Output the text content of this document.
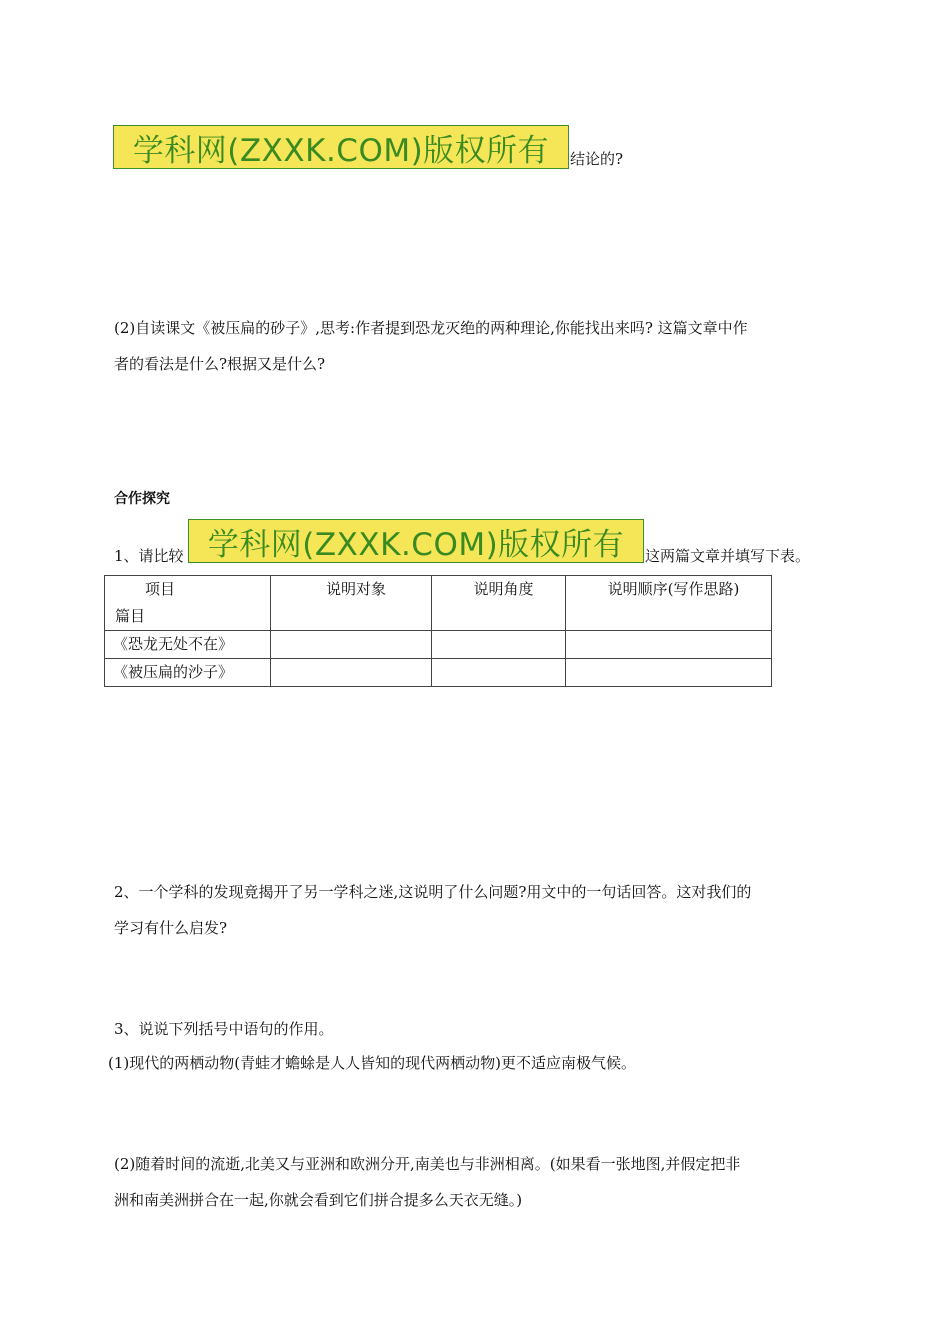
学科网(ZXXK.COM)版权所有	结论的?
(2)自读课文《被压扁的砂子》,思考:作者提到恐龙灭绝的两种理论,你能找出来吗? 这篇文章中作
者的看法是什么?根据又是什么?
合作探究
1、请比较 学科网(ZXXK.COM)版权所有	这两篇文章并填写下表。
项目
篇目	说明对象	说明角度	说明顺序(写作思路)
《恐龙无处不在》			
《被压扁的沙子》			
2、一个学科的发现竟揭开了另一学科之迷,这说明了什么问题?用文中的一句话回答。这对我们的
学习有什么启发?
3、说说下列括号中语句的作用。
(1)现代的两栖动物(青蛙才蟾蜍是人人皆知的现代两栖动物)更不适应南极气候。
(2)随着时间的流逝,北美又与亚洲和欧洲分开,南美也与非洲相离。(如果看一张地图,并假定把非
洲和南美洲拼合在一起,你就会看到它们拼合提多么天衣无缝。)
